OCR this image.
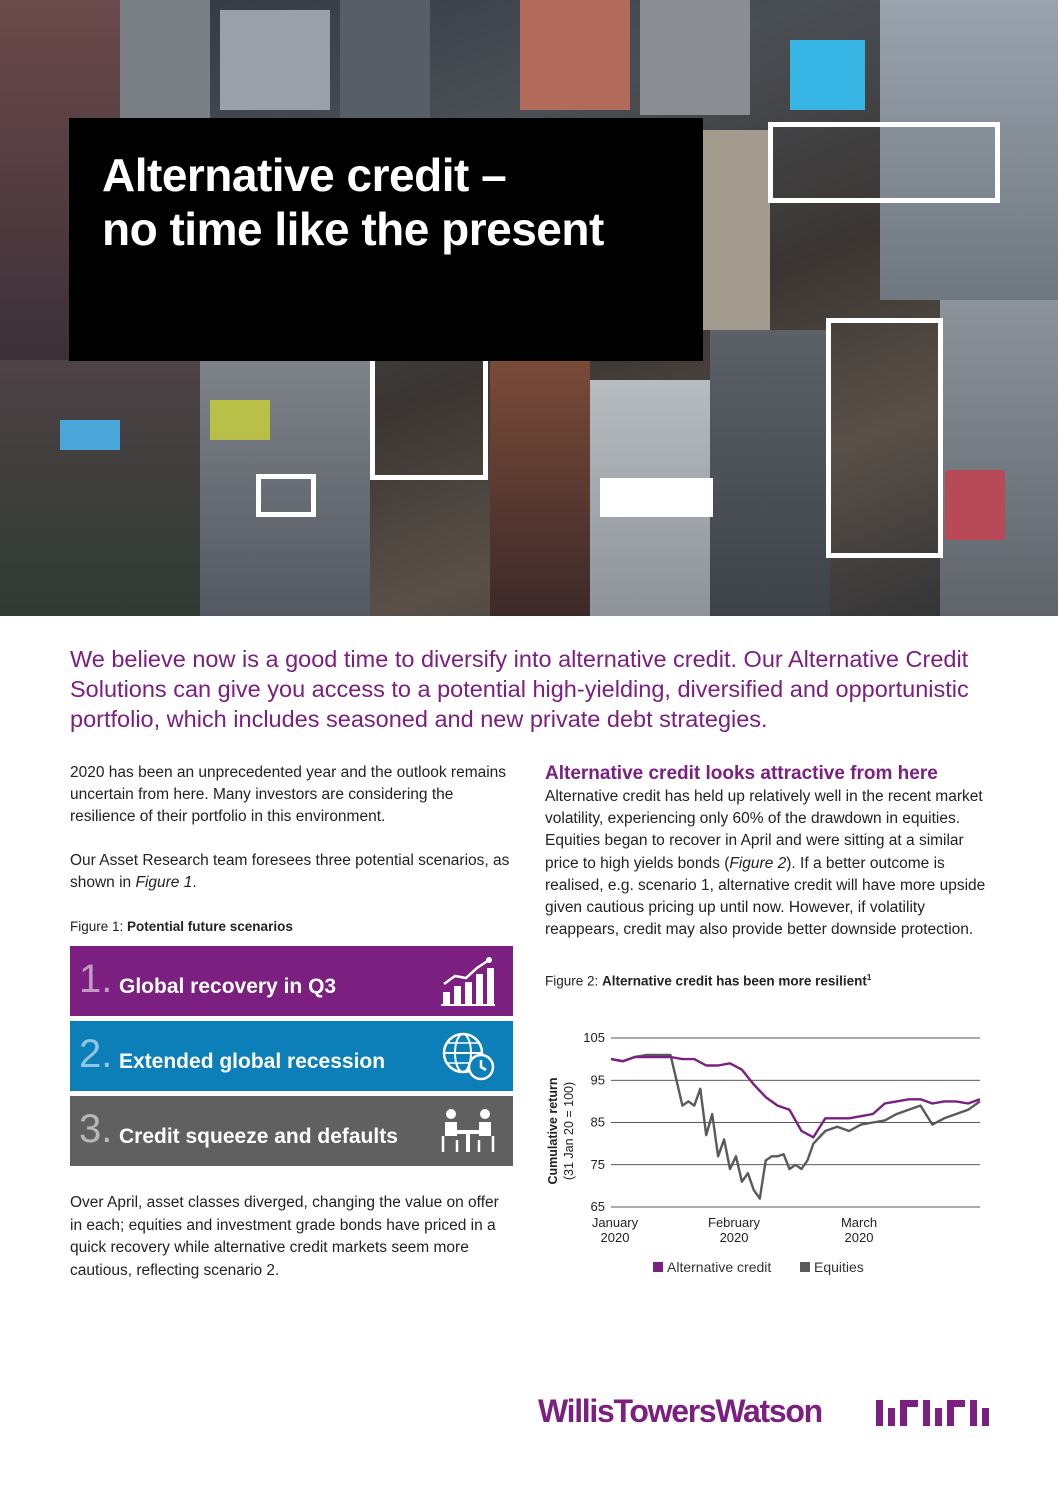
Alternative credit –
no time like the present
We believe now is a good time to diversify into alternative credit. Our Alternative Credit Solutions can give you access to a potential high-yielding, diversified and opportunistic portfolio, which includes seasoned and new private debt strategies.

2020 has been an unprecedented year and the outlook remains uncertain from here. Many investors are considering the resilience of their portfolio in this environment.

Our Asset Research team foresees three potential scenarios, as shown in Figure 1.

Figure 1: Potential future scenarios

1. Global recovery in Q3
2. Extended global recession
3. Credit squeeze and defaults

Over April, asset classes diverged, changing the value on offer in each; equities and investment grade bonds have priced in a quick recovery while alternative credit markets seem more cautious, reflecting scenario 2.

Alternative credit looks attractive from here

Alternative credit has held up relatively well in the recent market volatility, experiencing only 60% of the drawdown in equities. Equities began to recover in April and were sitting at a similar price to high yields bonds (Figure 2). If a better outcome is realised, e.g. scenario 1, alternative credit will have more upside given cautious pricing up until now. However, if volatility reappears, credit may also provide better downside protection.

Figure 2: Alternative credit has been more resilient$^1$

105
95
85
75
65
January
2020
February
2020
March
2020
Cumulative return (31 Jan 20 = 100)
Alternative credit	Equities
WillisTowersWatson
